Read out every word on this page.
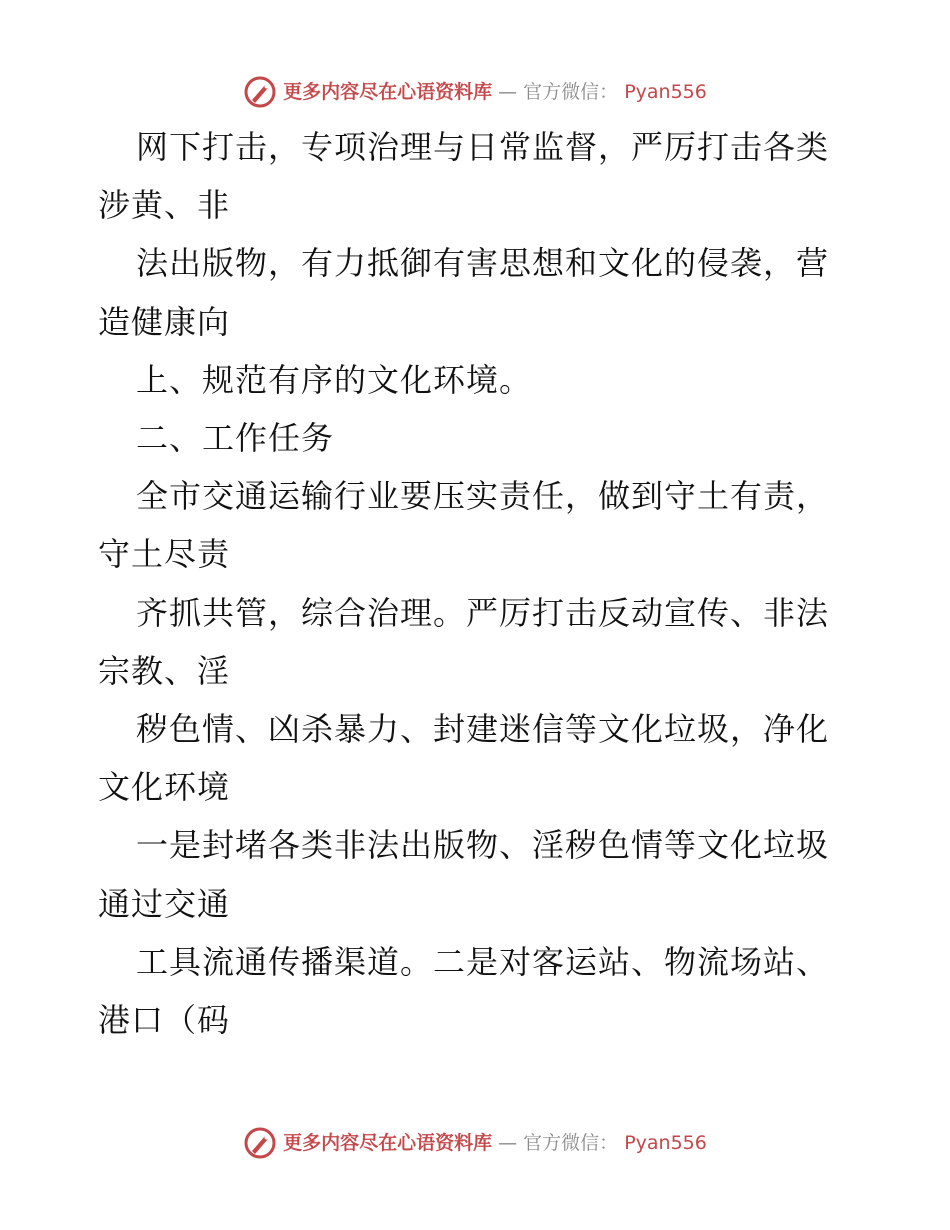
更多内容尽在心语资料库 — 官方微信： Pyan556

网下打击，专项治理与日常监督，严厉打击各类

涉黄、非

法出版物，有力抵御有害思想和文化的侵袭，营

造健康向

上、规范有序的文化环境。

二、工作任务

全市交通运输行业要压实责任，做到守土有责，

守土尽责

齐抓共管，综合治理。严厉打击反动宣传、非法

宗教、淫

秽色情、凶杀暴力、封建迷信等文化垃圾，净化

文化环境

一是封堵各类非法出版物、淫秽色情等文化垃圾

通过交通

工具流通传播渠道。二是对客运站、物流场站、

港口（码

更多内容尽在心语资料库 — 官方微信： Pyan556
